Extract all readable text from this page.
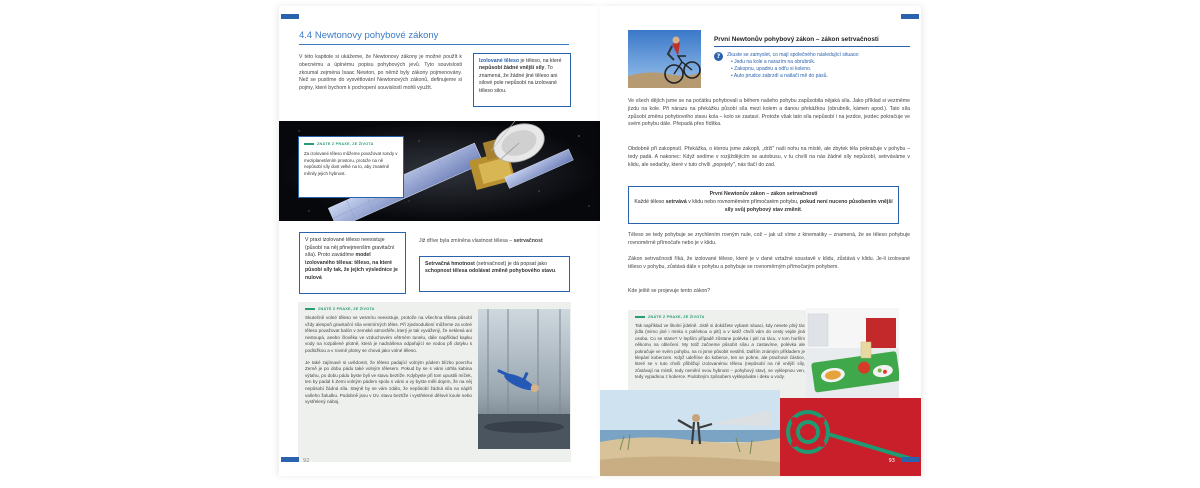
4.4 Newtonovy pohybové zákony
V této kapitole si ukážeme, že Newtonovy zákony je možné použít k obecnému a úplnému popisu pohybových jevů. Tyto souvislosti zkoumal zejména Isaac Newton, po němž byly zákony pojmenovány. Než se pustíme do vysvětlování Newtonových zákonů, definujeme si pojmy, které bychom k pochopení souvislostí mohli využít.
Izolované těleso je těleso, na které nepůsobí žádné vnější síly. To znamená, že žádné jiné těleso ani silové pole nepůsobí na izolované těleso silou.
ZNÁTE Z PRAXE, ZE ŽIVOTA
Za izolované těleso můžeme považovat sondy v meziplanetárním prostoru, protože na ně nepůsobí síly dost velké na to, aby znatelně měnily jejich hybnost.
V praxi izolované těleso neexistuje (působí na něj přinejmenším gravitační síla). Proto zavádíme model izolovaného tělesa: těleso, na které působí síly tak, že jejich výslednice je nulová
Již dříve byla zmíněna vlastnost tělesa – setrvačnost
Setrvačná hmotnost (setrvačnost) je dá popsat jako schopnost tělesa odolávat změně pohybového stavu.
ZNÁTE Z PRAXE, ZE ŽIVOTA
Skutečně volné těleso ve vesmíru neexistuje, protože na všechna tělesa působí vždy alespoň gravitační síla vesmírných těles. Při zjednodušení můžeme za volné těleso považovat balón v zemské atmosféře, který je tak vyvážený, že neklesá ani nestoupá, anebo člověka ve vzduchovém větrném tunelu, dále například kapku vody na rozpálené plotně, která je nadnášena odpařující se vodou při dotyku s podložkou a v rovině plotny se chová jako volné těleso.
Je také zajímavé si uvědomit, že těleso padající volným pádem blízko povrchu Země je po dobu pádu také volným tělesem. Pokud by se s vámi utrhla kabina výtahu, po dobu pádu byste byli ve stavu beztíže. Kdybyste při tom upustili míček, ten by padal k Zemi volným pádem spolu s vámi a vy byste měli dojem, že na něj nepůsobí žádná síla. Stejně by se vám zdálo, že nepůsobí žádná síla na náplň vašeho žaludku. Podobně jsou v tzv. stavu beztíže i vystřelené dělové koule nebo vystřelený náboj.
92
První Newtonův pohybový zákon – zákon setrvačnosti
?	Zkuste se zamyslet, co mají společného následující situace:
• Jedu na kole a narazím na obrubník.
• Zakopnu, upadnu a odřu si koleno.
• Auto prudce zabrzdí a natlačí mě do pásů.
Ve všech dějích jsme se na počátku pohybovali a během našeho pohybu zapůsobila nějaká síla. Jako příklad si vezměme jízdu na kole. Při nárazu na překážku působí síla mezi kolem a danou překážkou (obrubník, kámen apod.). Tato síla způsobí změnu pohybového stavu kola – kolo se zastaví. Protože však tato síla nepůsobí i na jezdce, jezdec pokračuje ve svém pohybu dále. Přepadá přes řídítka.
Obdobně při zakopnutí. Překážka, o kterou jsme zakopli, „drží" naši nohu na místě, ale zbytek těla pokračuje v pohybu – tedy padá. A nakonec: Když sedíme v rozjíždějícím se autobusu, v tu chvíli na nás žádné síly nepůsobí, setrváváme v klidu, ale sedačky, které v tuto chvíli „popojely", nás tlačí do zad.
První Newtonův zákon – zákon setrvačnosti
Každé těleso setrvává v klidu nebo rovnoměrném přímočarém pohybu, pokud není nuceno působením vnější síly svůj pohybový stav změnit.
Těleso se tedy pohybuje se zrychlením rovným nule, což – jak už víme z kinematiky – znamená, že se těleso pohybuje rovnoměrně přímočaře nebo je v klidu.
Zákon setrvačnosti říká, že izolované těleso, které je v dané vztažné soustavě v klidu, zůstává v klidu. Je-li izolované těleso v pohybu, zůstává dále v pohybu a pohybuje se rovnoměrným přímočarým pohybem.
Kde ještě se projevuje tento zákon?
ZNÁTE Z PRAXE, ZE ŽIVOTA
Tak například ve školní jídelně. Jistě si dokážete vybavit situaci, kdy nesete plný tác jídla (mimo jiné i misku s polévkou a pití) a v tutéž chvíli vám do cesty vejde jiná osoba. Co se stane? V lepším případě zůstane polévka i pití na tácu, v tom horším někomu na oblečení. My totiž začneme působit silou a zastavíme, polévka ale pokračuje ve svém pohybu, na ni jsme působit nestihli. Dalším známým příkladem je klepání kobercem. Když udeříme do koberce, ten se pohne, ale prachové částice, které se v tuto chvíli přibližují izolovanému tělesu (nepůsobí na ně vnější síly, zůstávají na místě, tedy nemění svou hybnost – pohybový stav), se vyklepnou ven, tedy vypadnou z koberce. Podobným způsobem vyklepáváte i deku u vody.
93
